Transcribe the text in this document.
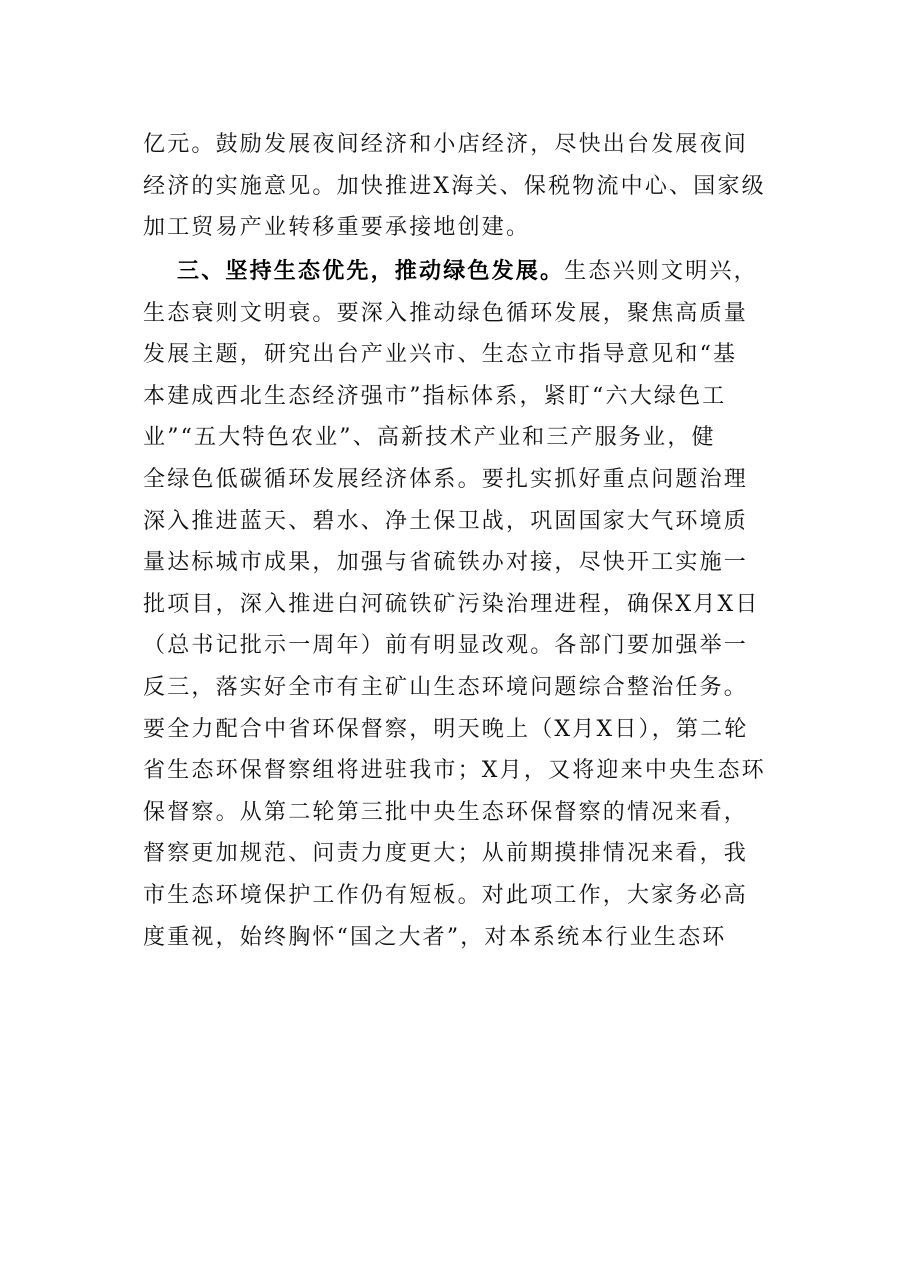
亿元。鼓励发展夜间经济和小店经济，尽快出台发展夜间
经济的实施意见。加快推进X海关、保税物流中心、国家级
加工贸易产业转移重要承接地创建。
三、坚持生态优先，推动绿色发展。生态兴则文明兴，
生态衰则文明衰。要深入推动绿色循环发展，聚焦高质量
发展主题，研究出台产业兴市、生态立市指导意见和“基
本建成西北生态经济强市”指标体系，紧盯“六大绿色工
业”“五大特色农业”、高新技术产业和三产服务业，健
全绿色低碳循环发展经济体系。要扎实抓好重点问题治理
深入推进蓝天、碧水、净土保卫战，巩固国家大气环境质
量达标城市成果，加强与省硫铁办对接，尽快开工实施一
批项目，深入推进白河硫铁矿污染治理进程，确保X月X日
（总书记批示一周年）前有明显改观。各部门要加强举一
反三，落实好全市有主矿山生态环境问题综合整治任务。
要全力配合中省环保督察，明天晚上（X月X日），第二轮
省生态环保督察组将进驻我市；X月，又将迎来中央生态环
保督察。从第二轮第三批中央生态环保督察的情况来看，
督察更加规范、问责力度更大；从前期摸排情况来看，我
市生态环境保护工作仍有短板。对此项工作，大家务必高
度重视，始终胸怀“国之大者”，对本系统本行业生态环
